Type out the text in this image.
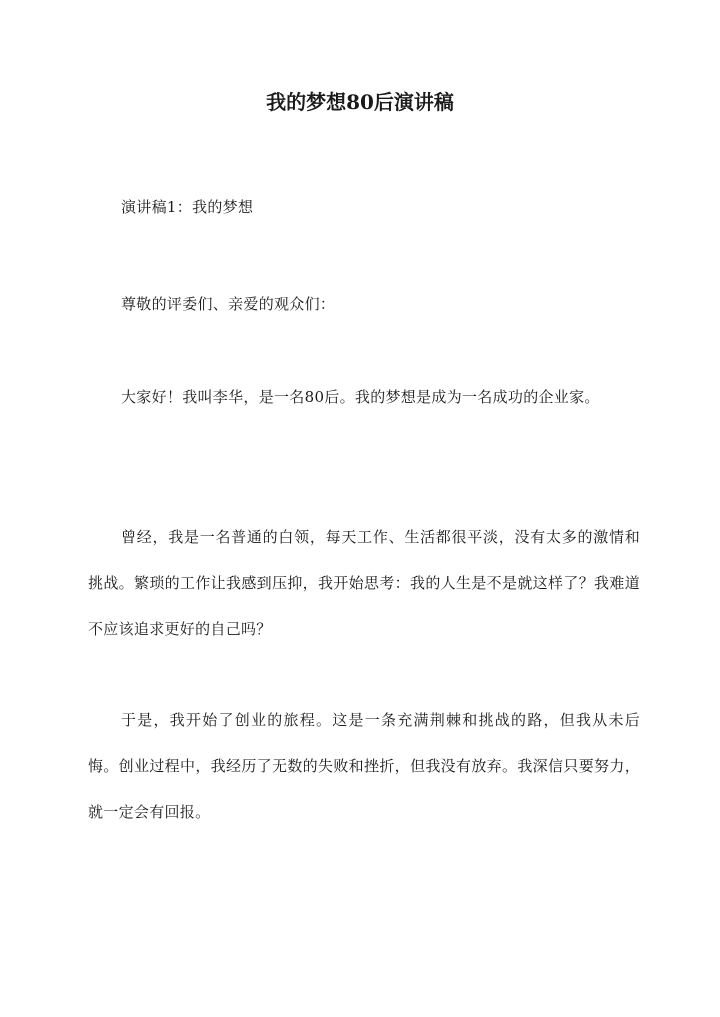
我的梦想80后演讲稿

演讲稿1：我的梦想

尊敬的评委们、亲爱的观众们：

大家好！我叫李华，是一名80后。我的梦想是成为一名成功的企业家。

曾经，我是一名普通的白领，每天工作、生活都很平淡，没有太多的激情和挑战。繁琐的工作让我感到压抑，我开始思考：我的人生是不是就这样了？我难道不应该追求更好的自己吗？

于是，我开始了创业的旅程。这是一条充满荆棘和挑战的路，但我从未后悔。创业过程中，我经历了无数的失败和挫折，但我没有放弃。我深信只要努力，就一定会有回报。
